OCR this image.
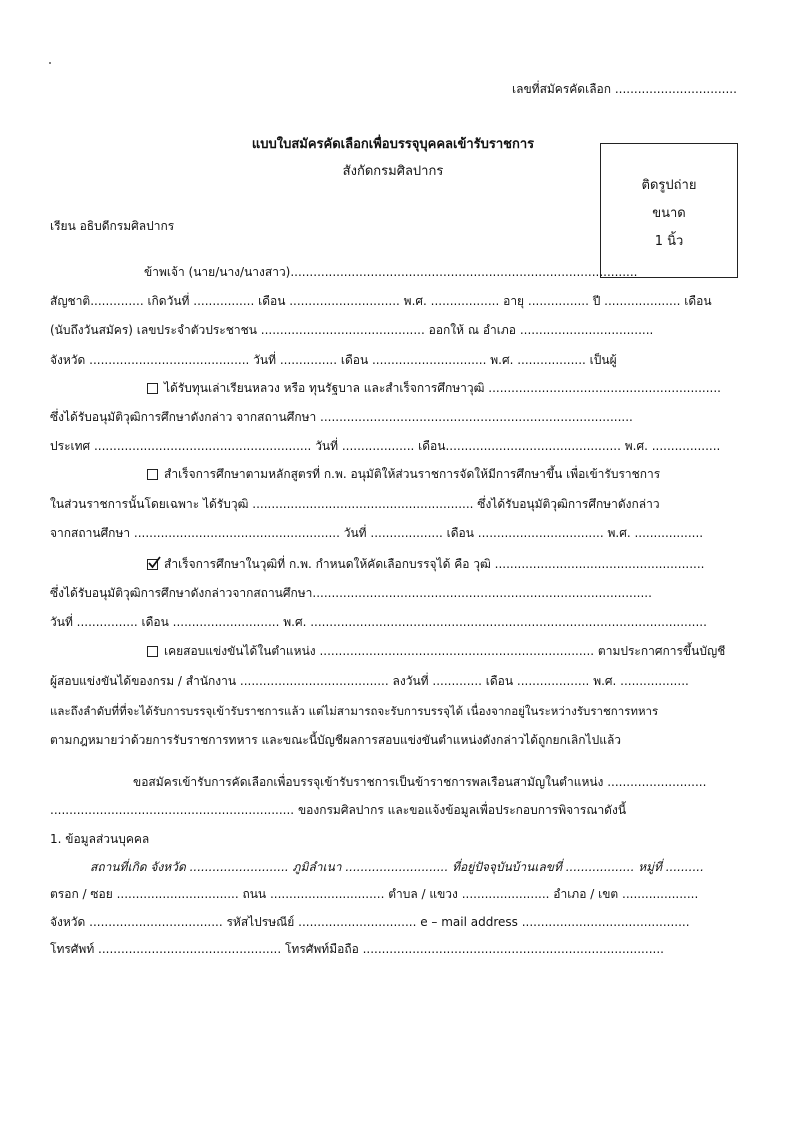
เลขที่สมัครคัดเลือก ................................
แบบใบสมัครคัดเลือกเพื่อบรรจุบุคคลเข้ารับราชการ
สังกัดกรมศิลปากร
ติดรูปถ่าย
ขนาด
1 นิ้ว
เรียน อธิบดีกรมศิลปากร
ข้าพเจ้า (นาย/นาง/นางสาว)...........................................................................................
สัญชาติ.............. เกิดวันที่ ................ เดือน ............................. พ.ศ. .................. อายุ ................ ปี .................... เดือน
(นับถึงวันสมัคร) เลขประจำตัวประชาชน ........................................... ออกให้ ณ อำเภอ ...................................
จังหวัด .......................................... วันที่ ............... เดือน .............................. พ.ศ. .................. เป็นผู้
ได้รับทุนเล่าเรียนหลวง หรือ ทุนรัฐบาล และสำเร็จการศึกษาวุฒิ .............................................................
ซึ่งได้รับอนุมัติวุฒิการศึกษาดังกล่าว จากสถานศึกษา ..................................................................................
ประเทศ ......................................................... วันที่ ................... เดือน.............................................. พ.ศ. ..................
สำเร็จการศึกษาตามหลักสูตรที่ ก.พ. อนุมัติให้ส่วนราชการจัดให้มีการศึกษาขึ้น เพื่อเข้ารับราชการ
ในส่วนราชการนั้นโดยเฉพาะ ได้รับวุฒิ .......................................................... ซึ่งได้รับอนุมัติวุฒิการศึกษาดังกล่าว
จากสถานศึกษา ...................................................... วันที่ ................... เดือน ................................. พ.ศ. ..................
สำเร็จการศึกษาในวุฒิที่ ก.พ. กำหนดให้คัดเลือกบรรจุได้ คือ วุฒิ .......................................................
ซึ่งได้รับอนุมัติวุฒิการศึกษาดังกล่าวจากสถานศึกษา.........................................................................................
วันที่ ................ เดือน ............................ พ.ศ. ........................................................................................................
เคยสอบแข่งขันได้ในตำแหน่ง ........................................................................ ตามประกาศการขึ้นบัญชี
ผู้สอบแข่งขันได้ของกรม / สำนักงาน ....................................... ลงวันที่ ............. เดือน ................... พ.ศ. ..................
และถึงลำดับที่ที่จะได้รับการบรรจุเข้ารับราชการแล้ว แต่ไม่สามารถจะรับการบรรจุได้ เนื่องจากอยู่ในระหว่างรับราชการทหาร
ตามกฎหมายว่าด้วยการรับราชการทหาร และขณะนี้บัญชีผลการสอบแข่งขันตำแหน่งดังกล่าวได้ถูกยกเลิกไปแล้ว
ขอสมัครเข้ารับการคัดเลือกเพื่อบรรจุเข้ารับราชการเป็นข้าราชการพลเรือนสามัญในตำแหน่ง ..........................
................................................................ ของกรมศิลปากร และขอแจ้งข้อมูลเพื่อประกอบการพิจารณาดังนี้
1. ข้อมูลส่วนบุคคล
สถานที่เกิด จังหวัด .......................... ภูมิลำเนา ........................... ที่อยู่ปัจจุบันบ้านเลขที่ .................. หมู่ที่ ..........
ตรอก / ซอย ................................ ถนน .............................. ตำบล / แขวง ....................... อำเภอ / เขต ....................
จังหวัด ................................... รหัสไปรษณีย์ ............................... e – mail address ............................................
โทรศัพท์ ................................................ โทรศัพท์มือถือ ...............................................................................
